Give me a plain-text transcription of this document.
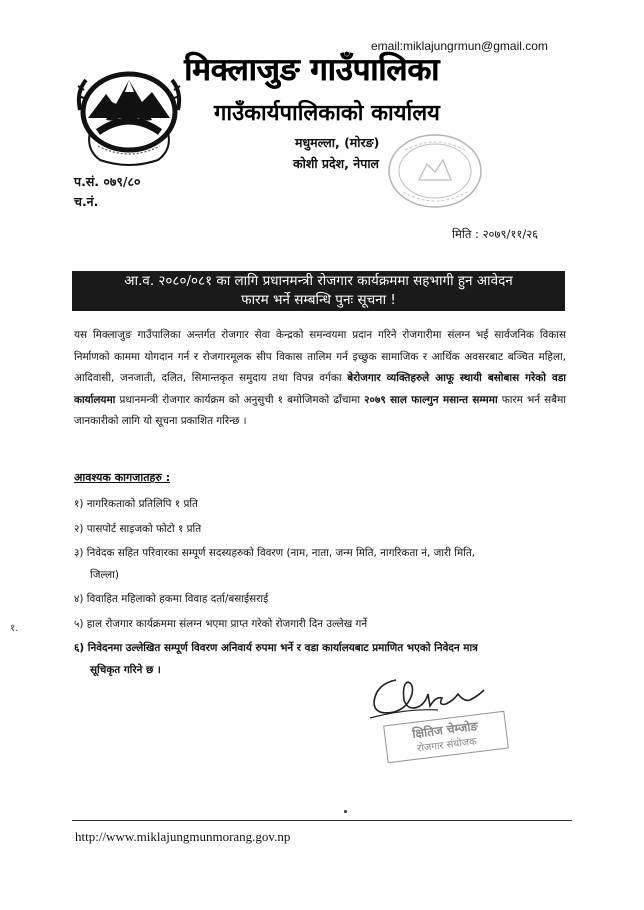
email:miklajungrmun@gmail.com
मिक्लाजुङ गाउँपालिका
गाउँकार्यपालिकाको कार्यालय
मधुमल्ला, (मोरङ)
कोशी प्रदेश, नेपाल
प.सं. ०७९/८०
च.नं.
मिति : २०७९/११/२६
आ.व. २०८०/०८१ का लागि प्रधानमन्त्री रोजगार कार्यक्रममा सहभागी हुन आवेदन
फारम भर्ने सम्बन्धि पुनः सूचना !
यस मिक्लाजुङ गाउँपालिका अन्तर्गत रोजगार सेवा केन्द्रको समन्वयमा प्रदान गरिने रोजगारीमा संलग्न भई सार्वजनिक विकास निर्माणको काममा योगदान गर्न र रोजगारमूलक सीप विकास तालिम गर्न इच्छुक सामाजिक र आर्थिक अवसरबाट बञ्चित महिला, आदिवासी, जनजाती, दलित, सिमान्तकृत समुदाय तथा विपन्न वर्गका बेरोजगार व्यक्तिहरुले आफू स्थायी बसोबास गरेको वडा कार्यालयमा प्रधानमन्त्री रोजगार कार्यक्रम को अनुसुची १ बमोजिमको ढाँचामा २०७९ साल फाल्गुन मसान्त सम्ममा फारम भर्न सबैमा जानकारीको लागि यो सूचना प्रकाशित गरिन्छ ।
आवश्यक कागजातहरु :
१) नागरिकताको प्रतिलिपि १ प्रति
२) पासपोर्ट साइजको फोटो १ प्रति
३) निवेदक सहित परिवारका सम्पूर्ण सदस्यहरुको विवरण (नाम, नाता, जन्म मिति, नागरिकता नं, जारी मिति,
जिल्ला)
४) विवाहित महिलाको हकमा विवाह दर्ता/बसाईसराई
५) हाल रोजगार कार्यक्रममा संलग्न भएमा प्राप्त गरेको रोजगारी दिन उल्लेख गर्ने
६) निवेदनमा उल्लेखित सम्पूर्ण विवरण अनिवार्य रुपमा भर्ने र वडा कार्यालयबाट प्रमाणित भएको निवेदन मात्र
सूचिकृत गरिने छ ।
१.
क्षितिज चेम्जोङ
रोजगार संयोजक
http://www.miklajungmunmorang.gov.np
